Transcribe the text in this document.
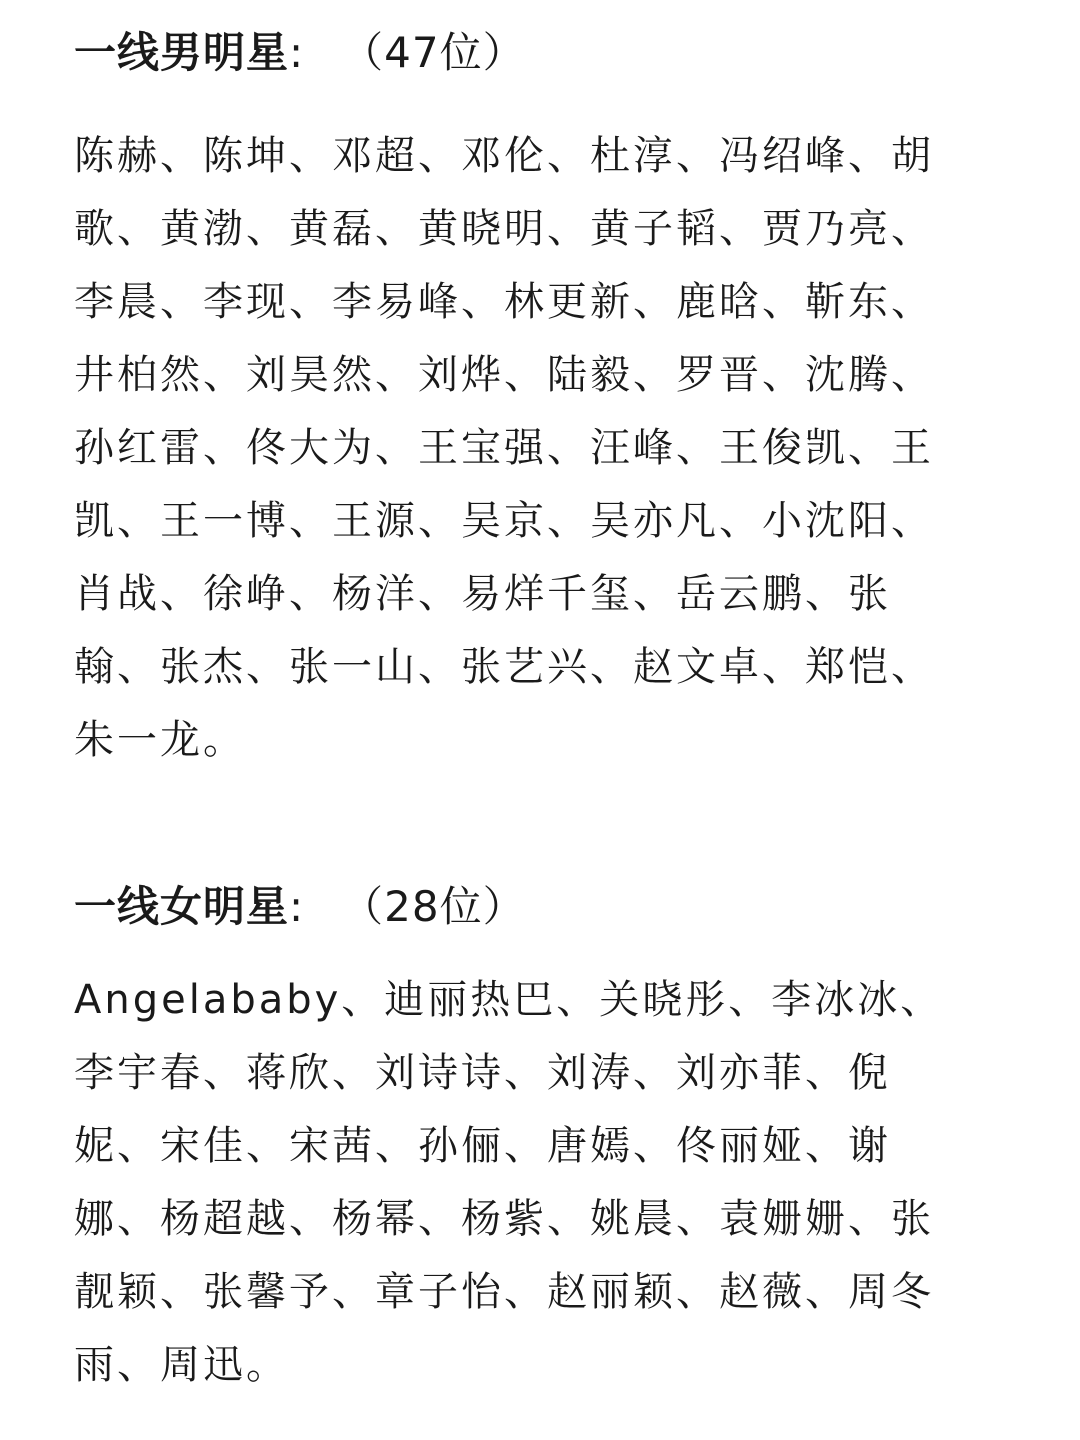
一线男明星: （47位）
陈赫、陈坤、邓超、邓伦、杜淳、冯绍峰、胡歌、黄渤、黄磊、黄晓明、黄子韬、贾乃亮、李晨、李现、李易峰、林更新、鹿晗、靳东、井柏然、刘昊然、刘烨、陆毅、罗晋、沈腾、孙红雷、佟大为、王宝强、汪峰、王俊凯、王凯、王一博、王源、吴京、吴亦凡、小沈阳、肖战、徐峥、杨洋、易烊千玺、岳云鹏、张翰、张杰、张一山、张艺兴、赵文卓、郑恺、朱一龙。
一线女明星: （28位）
Angelababy、迪丽热巴、关晓彤、李冰冰、李宇春、蒋欣、刘诗诗、刘涛、刘亦菲、倪妮、宋佳、宋茜、孙俪、唐嫣、佟丽娅、谢娜、杨超越、杨幂、杨紫、姚晨、袁姗姗、张靓颖、张馨予、章子怡、赵丽颖、赵薇、周冬雨、周迅。
